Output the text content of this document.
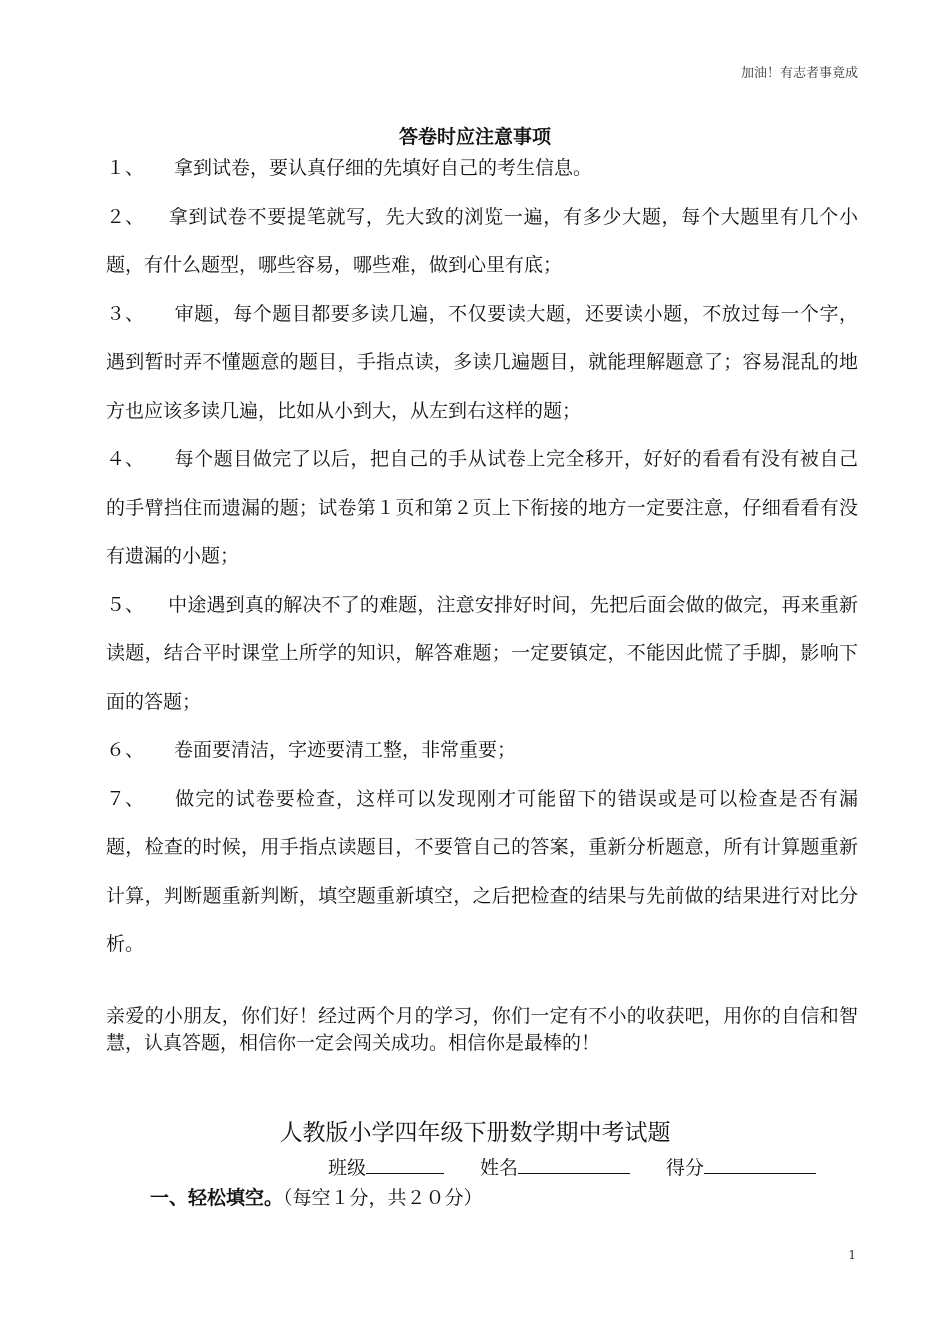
加油！有志者事竟成
答卷时应注意事项

１、 拿到试卷，要认真仔细的先填好自己的考生信息。

２、 拿到试卷不要提笔就写，先大致的浏览一遍，有多少大题，每个大题里有几个小题，有什么题型，哪些容易，哪些难，做到心里有底；

３、 审题，每个题目都要多读几遍，不仅要读大题，还要读小题，不放过每一个字，遇到暂时弄不懂题意的题目，手指点读，多读几遍题目，就能理解题意了；容易混乱的地方也应该多读几遍，比如从小到大，从左到右这样的题；

４、 每个题目做完了以后，把自己的手从试卷上完全移开，好好的看看有没有被自己的手臂挡住而遗漏的题；试卷第１页和第２页上下衔接的地方一定要注意，仔细看看有没有遗漏的小题；

５、 中途遇到真的解决不了的难题，注意安排好时间，先把后面会做的做完，再来重新读题，结合平时课堂上所学的知识，解答难题；一定要镇定，不能因此慌了手脚，影响下面的答题；

６、 卷面要清洁，字迹要清工整，非常重要；

７、 做完的试卷要检查，这样可以发现刚才可能留下的错误或是可以检查是否有漏题，检查的时候，用手指点读题目，不要管自己的答案，重新分析题意，所有计算题重新计算，判断题重新判断，填空题重新填空，之后把检查的结果与先前做的结果进行对比分析。

亲爱的小朋友，你们好！经过两个月的学习，你们一定有不小的收获吧，用你的自信和智慧，认真答题，相信你一定会闯关成功。相信你是最棒的！

人教版小学四年级下册数学期中考试题
班级	姓名	得分
一、轻松填空。（每空１分，共２０分）
1
